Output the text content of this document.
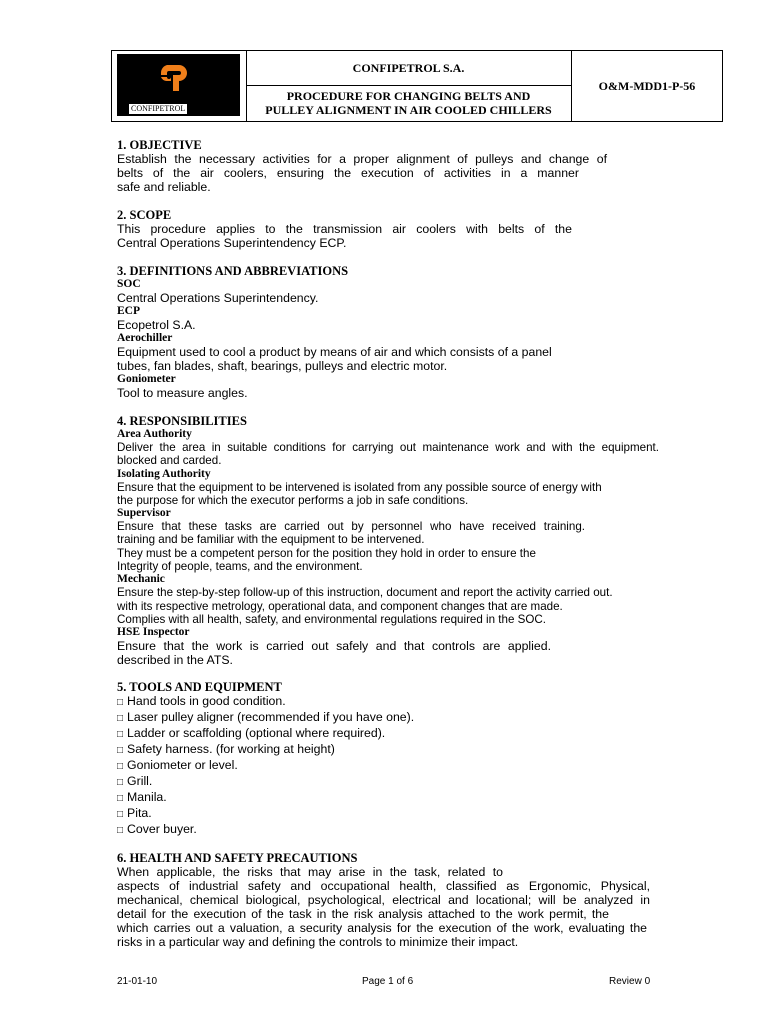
CONFIPETROL
CONFIPETROL S.A.
PROCEDURE FOR CHANGING BELTS AND
PULLEY ALIGNMENT IN AIR COOLED CHILLERS
O&M-MDD1-P-56
1. OBJECTIVE
Establish the necessary activities for a proper alignment of pulleys and change of
belts of the air coolers, ensuring the execution of activities in a manner
safe and reliable.
2. SCOPE
This procedure applies to the transmission air coolers with belts of the
Central Operations Superintendency ECP.
3. DEFINITIONS AND ABBREVIATIONS
SOC
Central Operations Superintendency.
ECP
Ecopetrol S.A.
Aerochiller
Equipment used to cool a product by means of air and which consists of a panel
tubes, fan blades, shaft, bearings, pulleys and electric motor.
Goniometer
Tool to measure angles.
4. RESPONSIBILITIES
Area Authority
Deliver the area in suitable conditions for carrying out maintenance work and with the equipment.
blocked and carded.
Isolating Authority
Ensure that the equipment to be intervened is isolated from any possible source of energy with
the purpose for which the executor performs a job in safe conditions.
Supervisor
Ensure that these tasks are carried out by personnel who have received training.
training and be familiar with the equipment to be intervened.
They must be a competent person for the position they hold in order to ensure the
Integrity of people, teams, and the environment.
Mechanic
Ensure the step-by-step follow-up of this instruction, document and report the activity carried out.
with its respective metrology, operational data, and component changes that are made.
Complies with all health, safety, and environmental regulations required in the SOC.
HSE Inspector
Ensure that the work is carried out safely and that controls are applied.
described in the ATS.
5. TOOLS AND EQUIPMENT
□ Hand tools in good condition.
□ Laser pulley aligner (recommended if you have one).
□ Ladder or scaffolding (optional where required).
□ Safety harness. (for working at height)
□ Goniometer or level.
□ Grill.
□ Manila.
□ Pita.
□ Cover buyer.
6. HEALTH AND SAFETY PRECAUTIONS
When applicable, the risks that may arise in the task, related to
aspects of industrial safety and occupational health, classified as Ergonomic, Physical,
mechanical, chemical biological, psychological, electrical and locational; will be analyzed in
detail for the execution of the task in the risk analysis attached to the work permit, the
which carries out a valuation, a security analysis for the execution of the work, evaluating the
risks in a particular way and defining the controls to minimize their impact.
21-01-10	Page 1 of 6	Review 0
